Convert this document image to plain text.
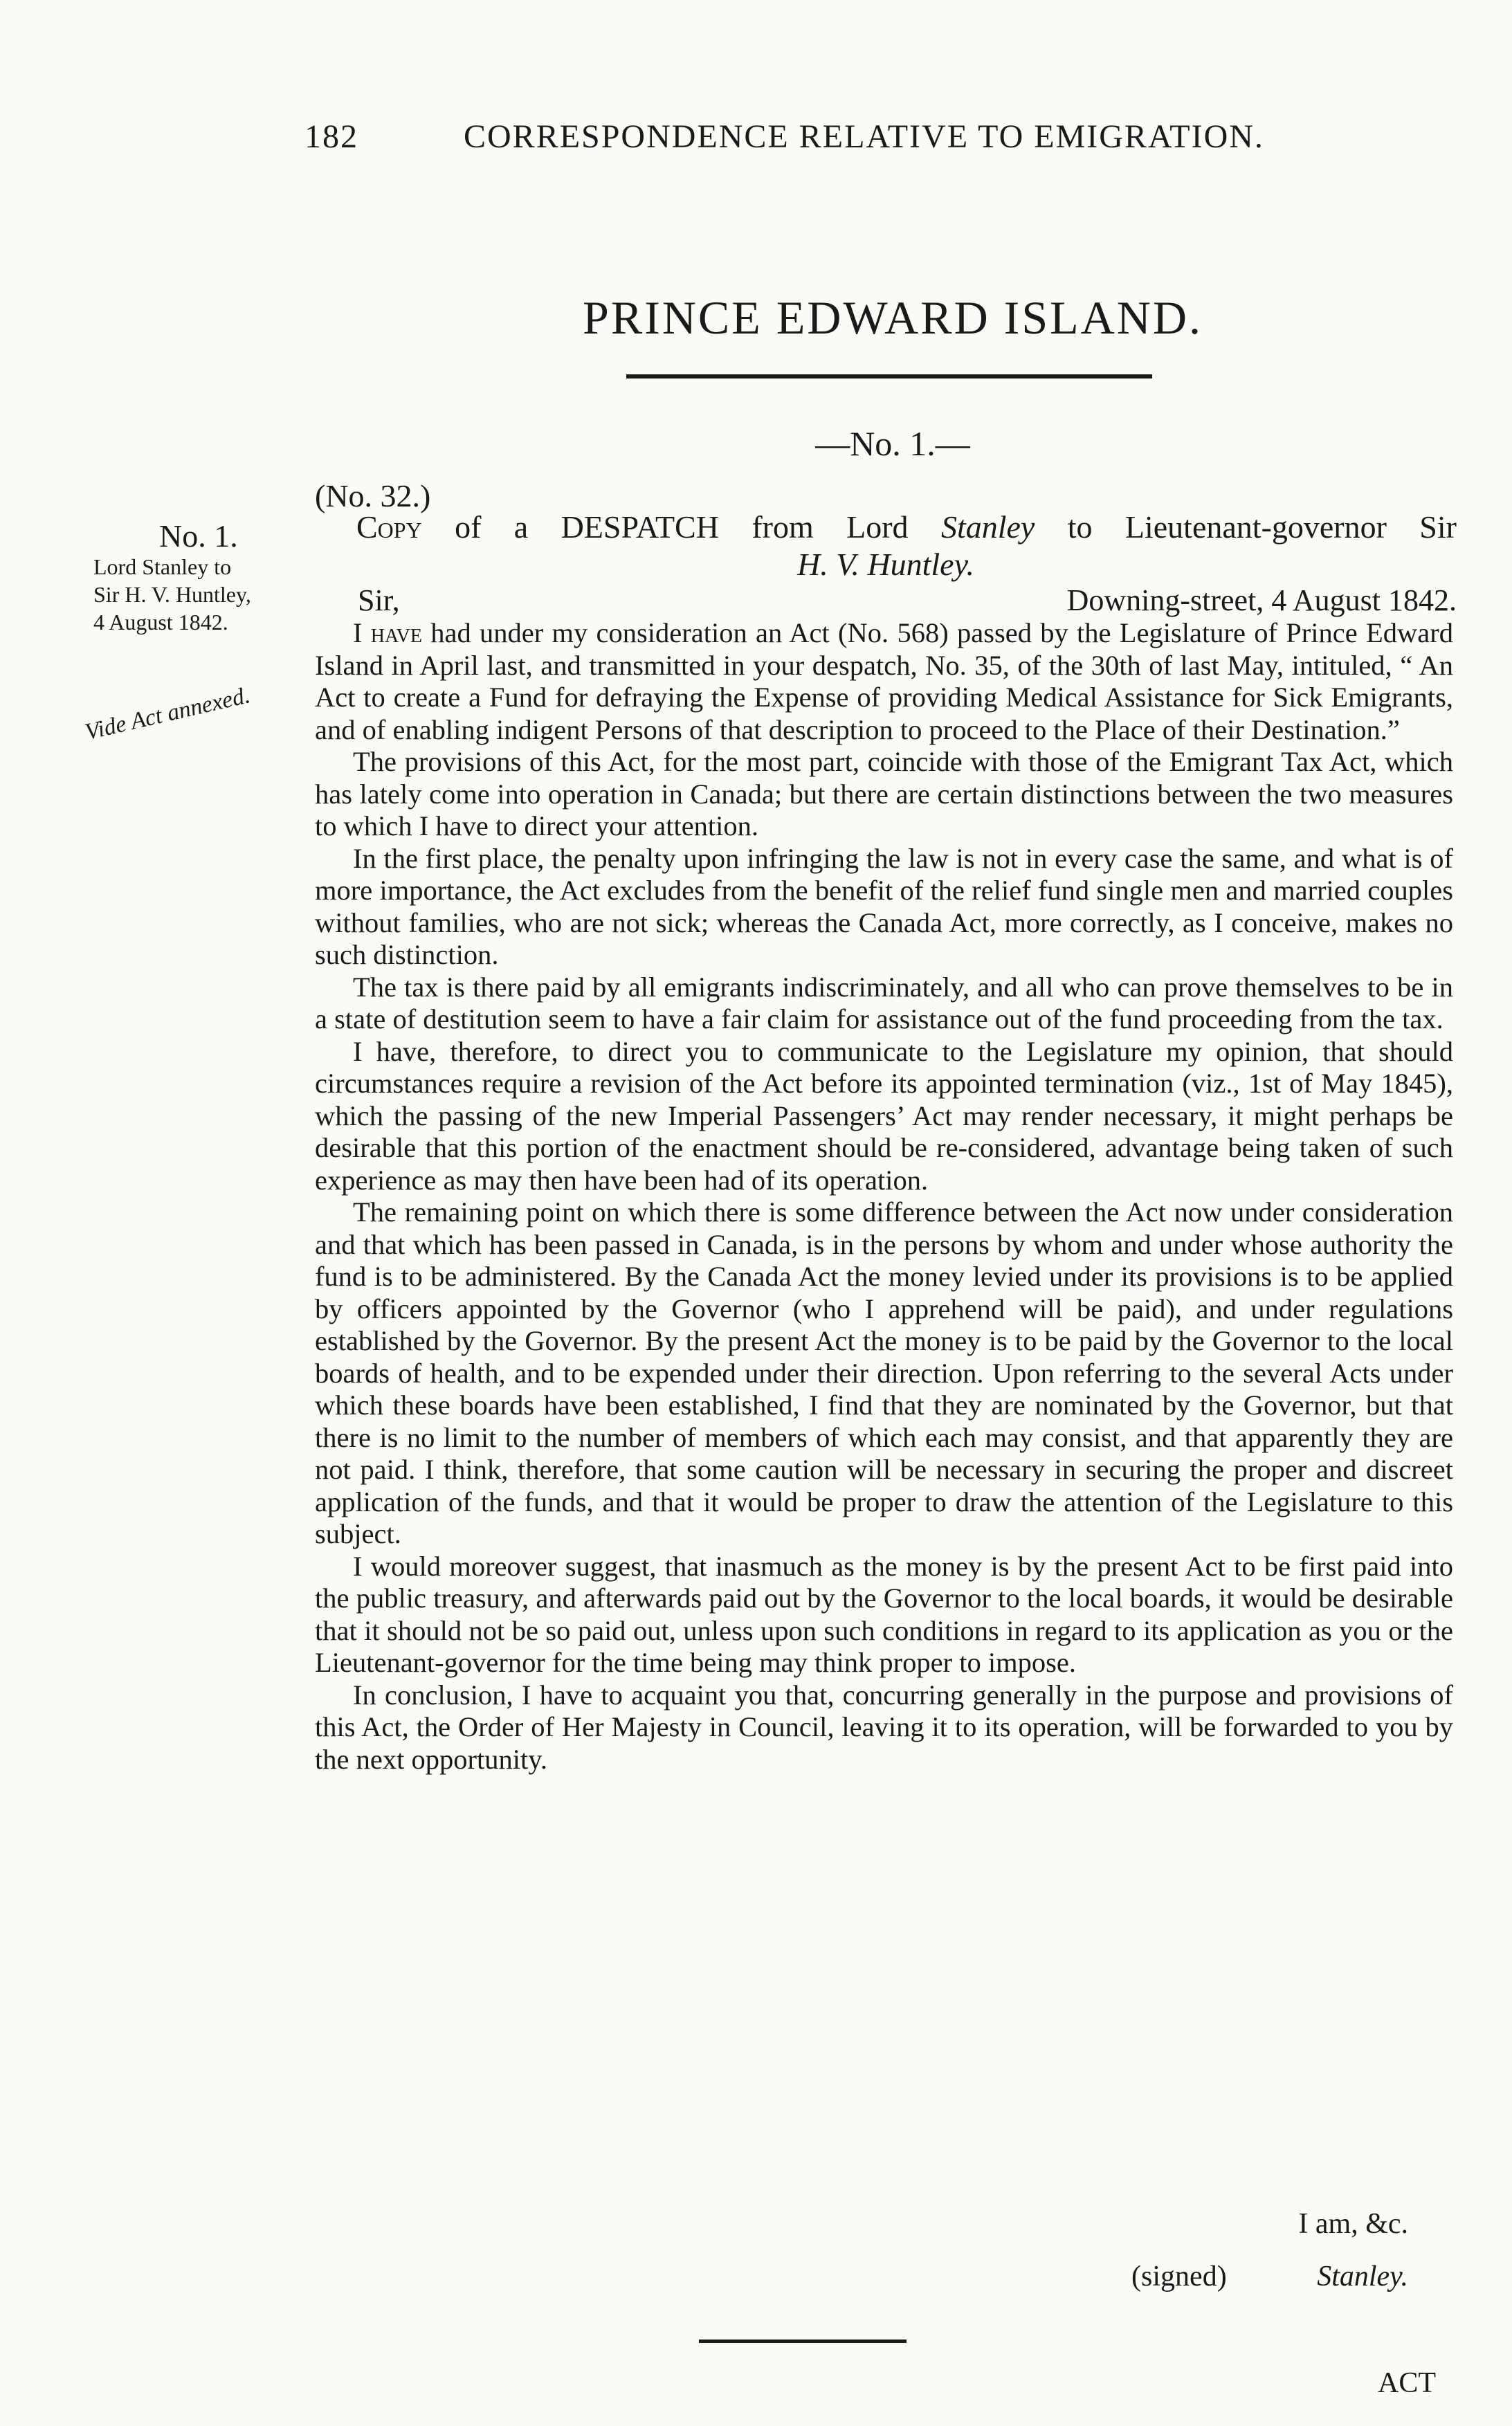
182	CORRESPONDENCE RELATIVE TO EMIGRATION.
PRINCE EDWARD ISLAND.
—No. 1.—
(No. 32.)
No. 1.
Lord Stanley to
Sir H. V. Huntley,
4 August 1842.
Vide Act annexed.
Copy of a DESPATCH from Lord Stanley to Lieutenant-governor Sir
H. V. Huntley.
Sir,	Downing-street, 4 August 1842.

I have had under my consideration an Act (No. 568) passed by the Legislature of Prince Edward Island in April last, and transmitted in your despatch, No. 35, of the 30th of last May, intituled, “ An Act to create a Fund for defraying the Expense of providing Medical Assistance for Sick Emigrants, and of enabling indigent Persons of that description to proceed to the Place of their Destination.”

The provisions of this Act, for the most part, coincide with those of the Emigrant Tax Act, which has lately come into operation in Canada; but there are certain distinctions between the two measures to which I have to direct your attention.

In the first place, the penalty upon infringing the law is not in every case the same, and what is of more importance, the Act excludes from the benefit of the relief fund single men and married couples without families, who are not sick; whereas the Canada Act, more correctly, as I conceive, makes no such distinction.

The tax is there paid by all emigrants indiscriminately, and all who can prove themselves to be in a state of destitution seem to have a fair claim for assistance out of the fund proceeding from the tax.

I have, therefore, to direct you to communicate to the Legislature my opinion, that should circumstances require a revision of the Act before its appointed termination (viz., 1st of May 1845), which the passing of the new Imperial Passengers’ Act may render necessary, it might perhaps be desirable that this portion of the enactment should be re-considered, advantage being taken of such experience as may then have been had of its operation.

The remaining point on which there is some difference between the Act now under consideration and that which has been passed in Canada, is in the persons by whom and under whose authority the fund is to be administered. By the Canada Act the money levied under its provisions is to be applied by officers appointed by the Governor (who I apprehend will be paid), and under regulations established by the Governor. By the present Act the money is to be paid by the Governor to the local boards of health, and to be expended under their direction. Upon referring to the several Acts under which these boards have been established, I find that they are nominated by the Governor, but that there is no limit to the number of members of which each may consist, and that apparently they are not paid. I think, therefore, that some caution will be necessary in securing the proper and discreet application of the funds, and that it would be proper to draw the attention of the Legislature to this subject.

I would moreover suggest, that inasmuch as the money is by the present Act to be first paid into the public treasury, and afterwards paid out by the Governor to the local boards, it would be desirable that it should not be so paid out, unless upon such conditions in regard to its application as you or the Lieutenant-governor for the time being may think proper to impose.

In conclusion, I have to acquaint you that, concurring generally in the purpose and provisions of this Act, the Order of Her Majesty in Council, leaving it to its operation, will be forwarded to you by the next opportunity.

I am, &c.
(signed)	Stanley.
ACT
